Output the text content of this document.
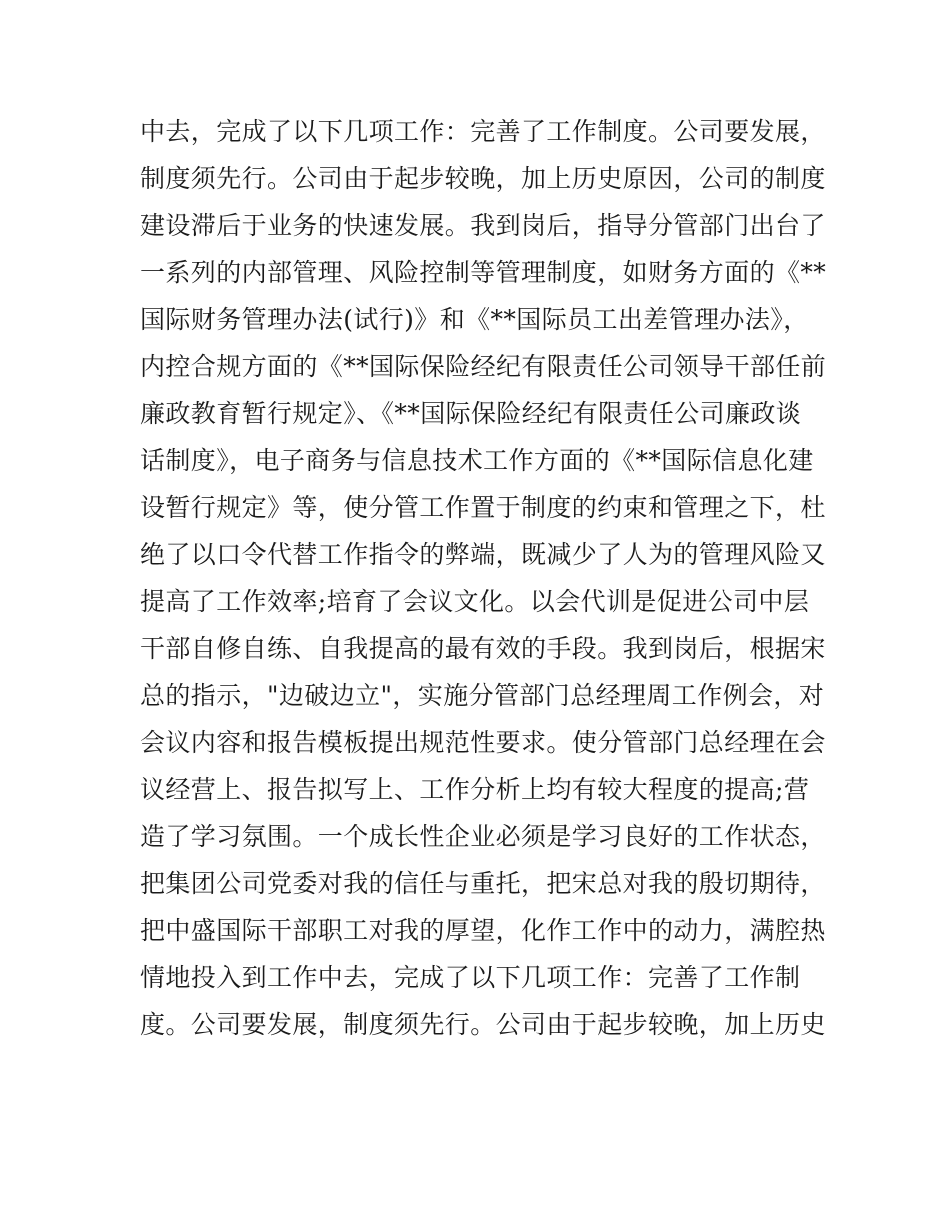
中去，完成了以下几项工作：完善了工作制度。公司要发展，
制度须先行。公司由于起步较晚，加上历史原因，公司的制度
建设滞后于业务的快速发展。我到岗后，指导分管部门出台了
一系列的内部管理、风险控制等管理制度，如财务方面的《**
国际财务管理办法(试行)》和《**国际员工出差管理办法》，
内控合规方面的《**国际保险经纪有限责任公司领导干部任前
廉政教育暂行规定》、《**国际保险经纪有限责任公司廉政谈
话制度》，电子商务与信息技术工作方面的《**国际信息化建
设暂行规定》等，使分管工作置于制度的约束和管理之下，杜
绝了以口令代替工作指令的弊端，既减少了人为的管理风险又
提高了工作效率;培育了会议文化。以会代训是促进公司中层
干部自修自练、自我提高的最有效的手段。我到岗后，根据宋
总的指示，"边破边立"，实施分管部门总经理周工作例会，对
会议内容和报告模板提出规范性要求。使分管部门总经理在会
议经营上、报告拟写上、工作分析上均有较大程度的提高;营
造了学习氛围。一个成长性企业必须是学习良好的工作状态，
把集团公司党委对我的信任与重托，把宋总对我的殷切期待，
把中盛国际干部职工对我的厚望，化作工作中的动力，满腔热
情地投入到工作中去，完成了以下几项工作：完善了工作制
度。公司要发展，制度须先行。公司由于起步较晚，加上历史
